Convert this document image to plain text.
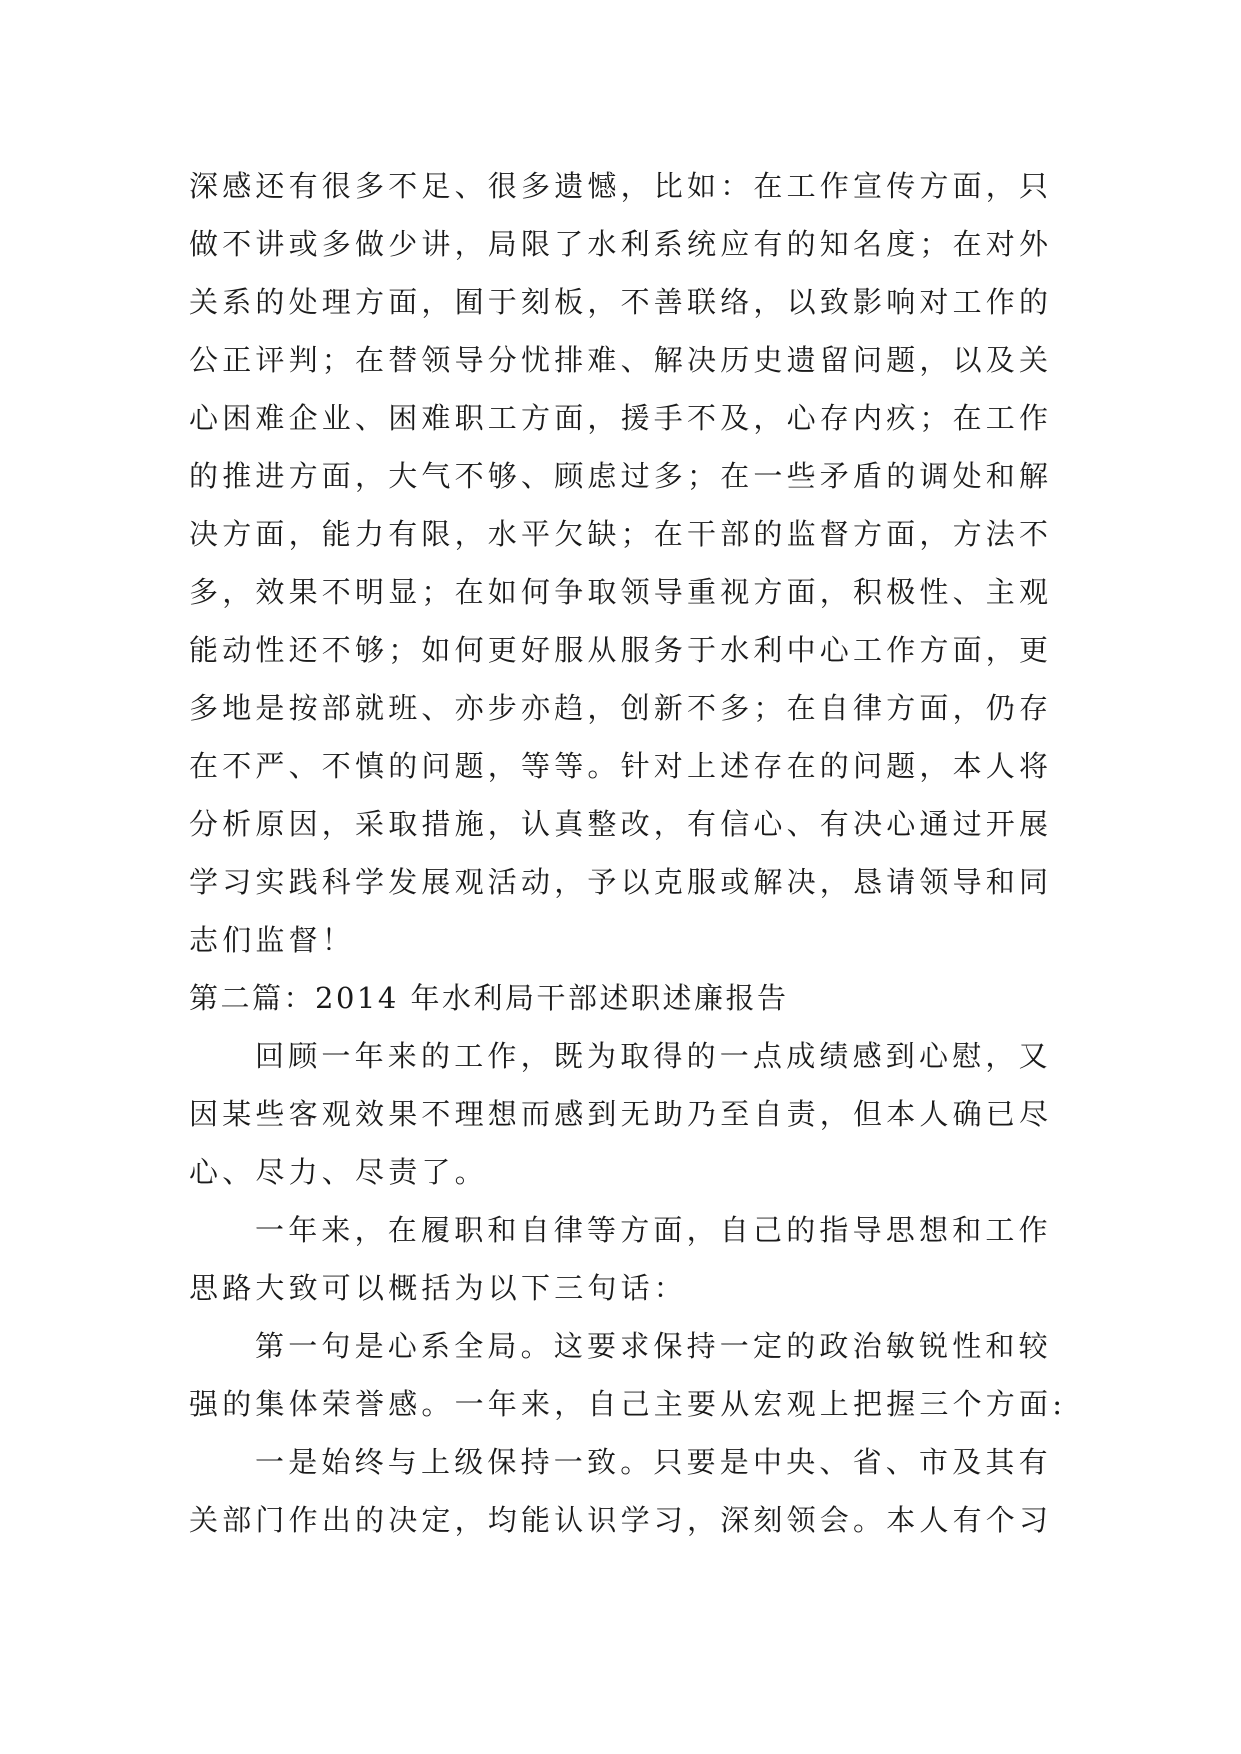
深感还有很多不足、很多遗憾，比如：在工作宣传方面，只
做不讲或多做少讲，局限了水利系统应有的知名度；在对外
关系的处理方面，囿于刻板，不善联络，以致影响对工作的
公正评判；在替领导分忧排难、解决历史遗留问题，以及关
心困难企业、困难职工方面，援手不及，心存内疚；在工作
的推进方面，大气不够、顾虑过多；在一些矛盾的调处和解
决方面，能力有限，水平欠缺；在干部的监督方面，方法不
多，效果不明显；在如何争取领导重视方面，积极性、主观
能动性还不够；如何更好服从服务于水利中心工作方面，更
多地是按部就班、亦步亦趋，创新不多；在自律方面，仍存
在不严、不慎的问题，等等。针对上述存在的问题，本人将
分析原因，采取措施，认真整改，有信心、有决心通过开展
学习实践科学发展观活动，予以克服或解决，恳请领导和同
志们监督！
第二篇：2014 年水利局干部述职述廉报告
回顾一年来的工作，既为取得的一点成绩感到心慰，又
因某些客观效果不理想而感到无助乃至自责，但本人确已尽
心、尽力、尽责了。
一年来，在履职和自律等方面，自己的指导思想和工作
思路大致可以概括为以下三句话：
第一句是心系全局。这要求保持一定的政治敏锐性和较
强的集体荣誉感。一年来，自己主要从宏观上把握三个方面:
一是始终与上级保持一致。只要是中央、省、市及其有
关部门作出的决定，均能认识学习，深刻领会。本人有个习
